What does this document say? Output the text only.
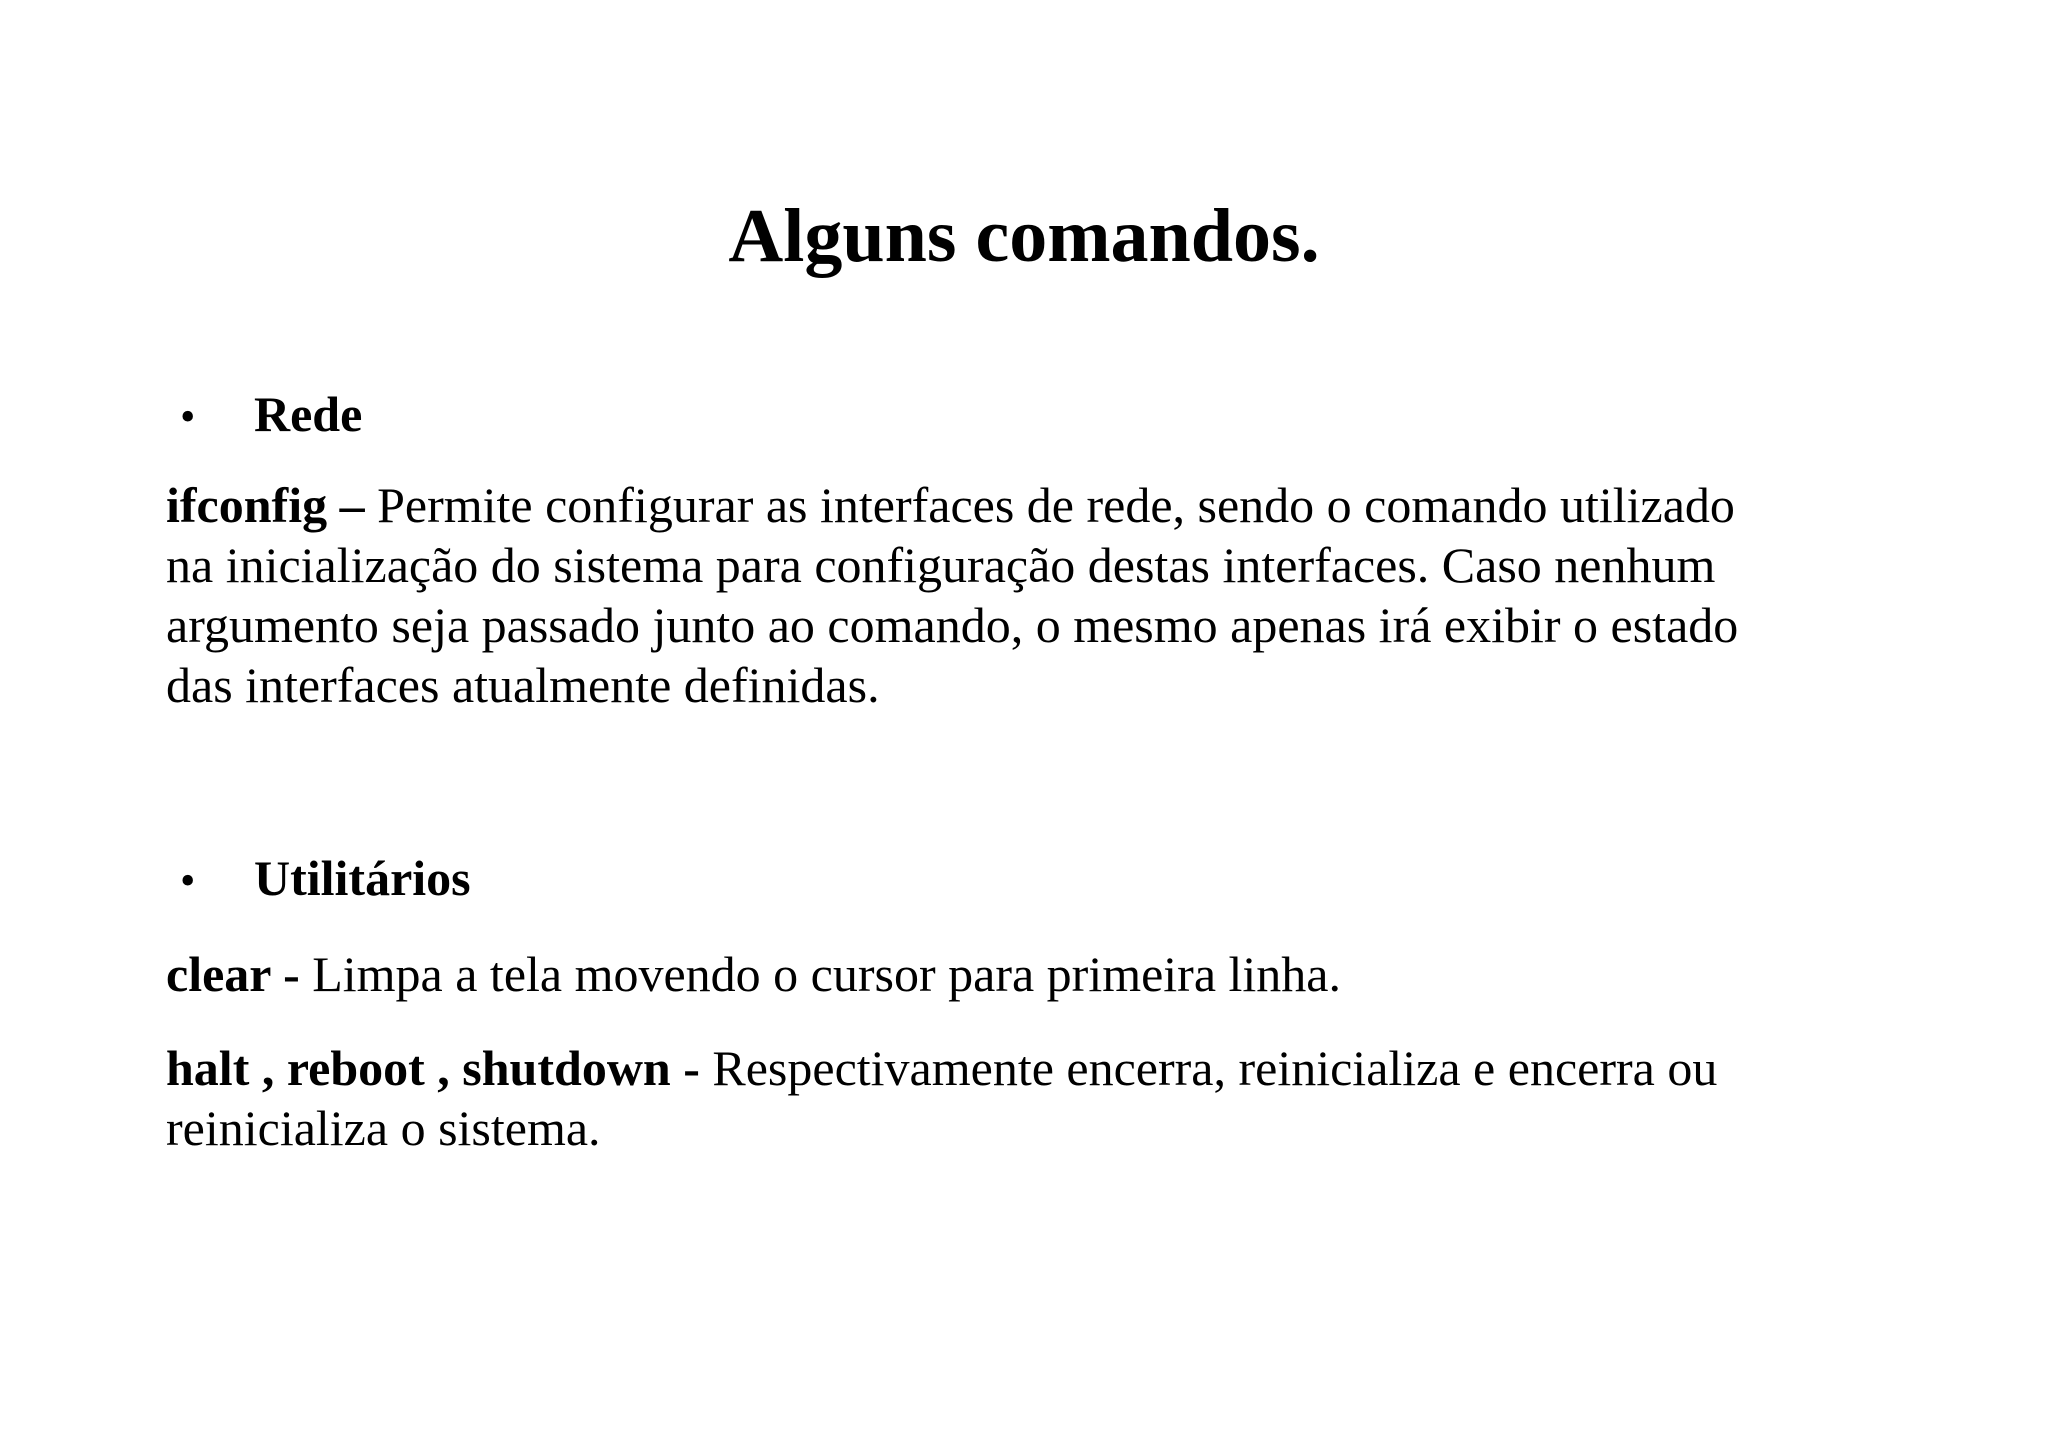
Alguns comandos.
• Rede

ifconfig – Permite configurar as interfaces de rede, sendo o comando utilizado
na inicialização do sistema para configuração destas interfaces. Caso nenhum
argumento seja passado junto ao comando, o mesmo apenas irá exibir o estado
das interfaces atualmente definidas.

• Utilitários

clear - Limpa a tela movendo o cursor para primeira linha.

halt , reboot , shutdown - Respectivamente encerra, reinicializa e encerra ou
reinicializa o sistema.
